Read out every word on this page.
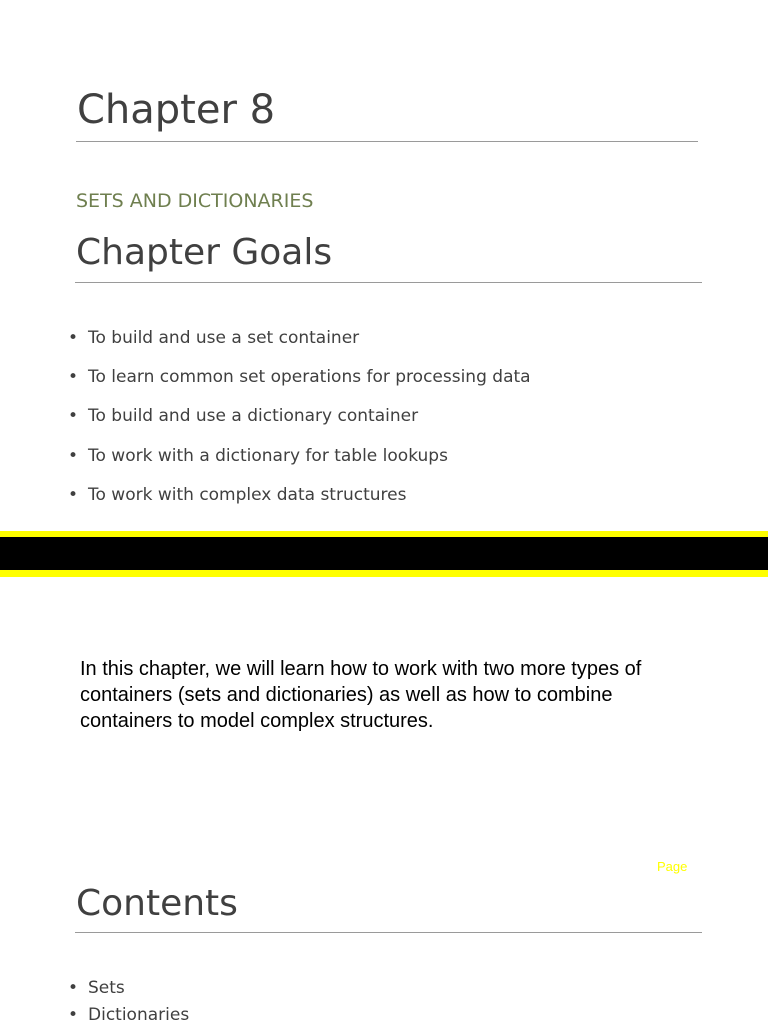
Chapter 8
SETS AND DICTIONARIES
Chapter Goals
• To build and use a set container
• To learn common set operations for processing data
• To build and use a dictionary container
• To work with a dictionary for table lookups
• To work with complex data structures
In this chapter, we will learn how to work with two more types of containers (sets and dictionaries) as well as how to combine containers to model complex structures.
Page
Contents
• Sets
• Dictionaries
